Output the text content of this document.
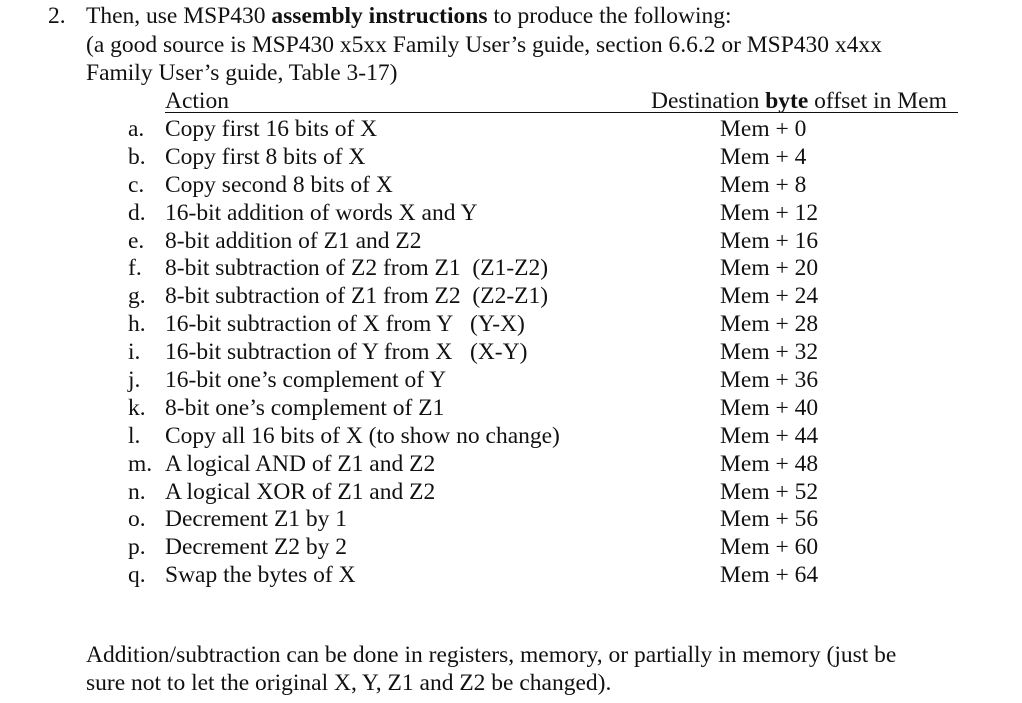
2. Then, use MSP430 assembly instructions to produce the following:
(a good source is MSP430 x5xx Family User’s guide, section 6.6.2 or MSP430 x4xx
Family User’s guide, Table 3-17)
Action	Destination byte offset in Mem
a. Copy first 16 bits of X	Mem + 0
b. Copy first 8 bits of X	Mem + 4
c. Copy second 8 bits of X	Mem + 8
d. 16-bit addition of words X and Y	Mem + 12
e. 8-bit addition of Z1 and Z2	Mem + 16
f. 8-bit subtraction of Z2 from Z1  (Z1-Z2)	Mem + 20
g. 8-bit subtraction of Z1 from Z2  (Z2-Z1)	Mem + 24
h. 16-bit subtraction of X from Y   (Y-X)	Mem + 28
i.	16-bit subtraction of Y from X   (X-Y)	Mem + 32
j.	16-bit one’s complement of Y	Mem + 36
k. 8-bit one’s complement of Z1	Mem + 40
l.	Copy all 16 bits of X (to show no change)	Mem + 44
m. A logical AND of Z1 and Z2	Mem + 48
n. A logical XOR of Z1 and Z2	Mem + 52
o. Decrement Z1 by 1	Mem + 56
p. Decrement Z2 by 2	Mem + 60
q. Swap the bytes of X	Mem + 64
Addition/subtraction can be done in registers, memory, or partially in memory (just be
sure not to let the original X, Y, Z1 and Z2 be changed).
